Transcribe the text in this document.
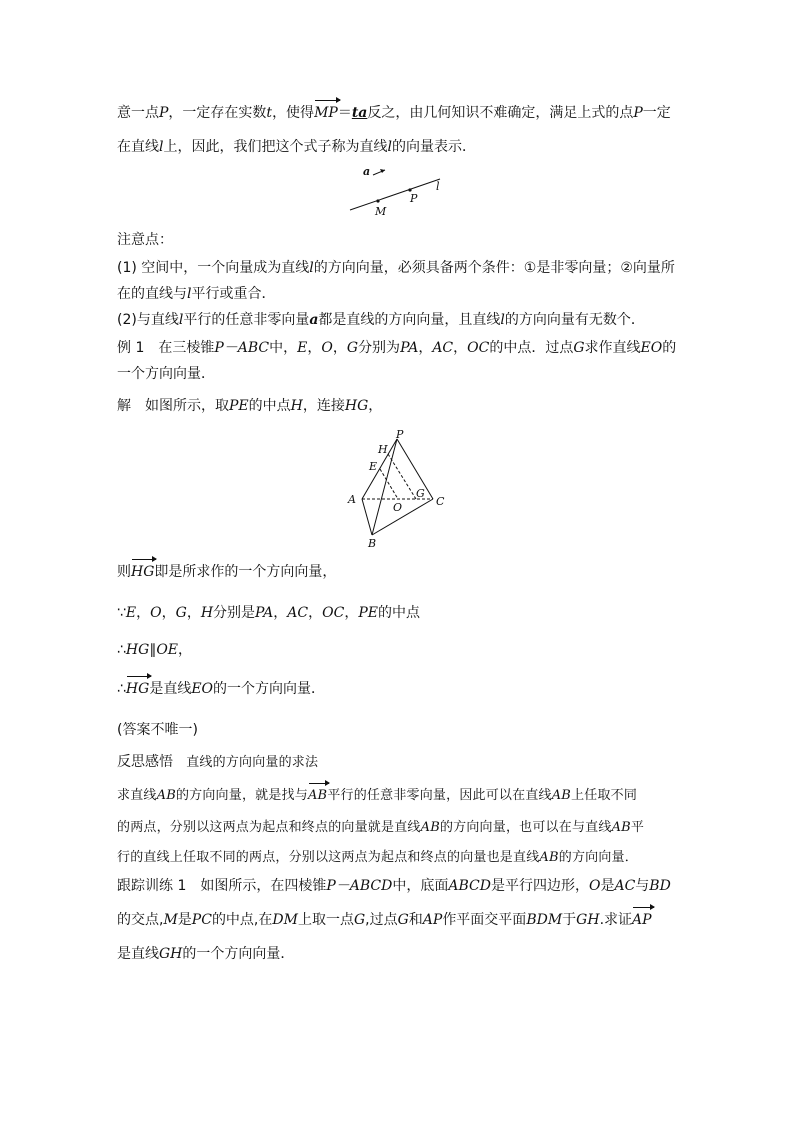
意一点P，一定存在实数t，使得MP＝ta反之，由几何知识不难确定，满足上式的点P一定
在直线l上，因此，我们把这个式子称为直线l的向量表示．
a
M
P
l
注意点：
(1) 空间中，一个向量成为直线l的方向向量，必须具备两个条件：①是非零向量；②向量所
在的直线与l平行或重合．
(2)与直线l平行的任意非零向量a都是直线的方向向量，且直线l的方向向量有无数个．
例 1　在三棱锥P－ABC中，E，O，G分别为PA，AC，OC的中点．过点G求作直线EO的
一个方向向量．
解　如图所示，取PE的中点H，连接HG，
P
H
E
A	G
C
O
B
则HG即是所求作的一个方向向量，
∵E，O，G，H分别是PA，AC，OC，PE的中点
∴HG∥OE，
∴HG是直线EO的一个方向向量．
(答案不唯一)
反思感悟　直线的方向向量的求法
求直线AB的方向向量，就是找与AB平行的任意非零向量，因此可以在直线AB上任取不同
的两点，分别以这两点为起点和终点的向量就是直线AB的方向向量，也可以在与直线AB平
行的直线上任取不同的两点，分别以这两点为起点和终点的向量也是直线AB的方向向量．
跟踪训练 1　如图所示，在四棱锥P－ABCD中，底面ABCD是平行四边形，O是AC与BD
的交点,M是PC的中点,在DM上取一点G,过点G和AP作平面交平面BDM于GH.求证AP
是直线GH的一个方向向量．
